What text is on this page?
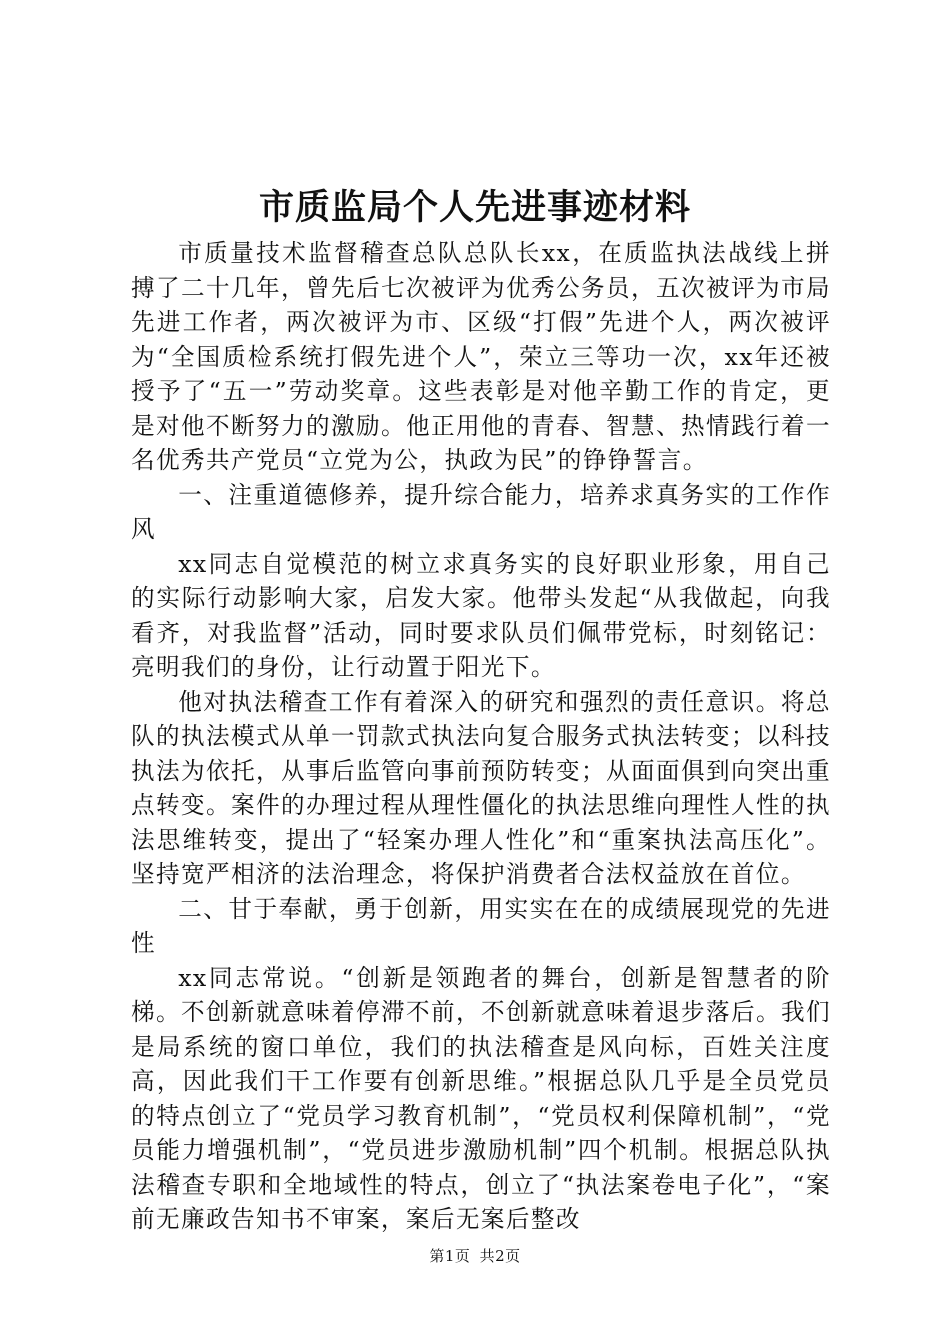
市质监局个人先进事迹材料

市质量技术监督稽查总队总队长xx，在质监执法战线上拼搏了二十几年，曾先后七次被评为优秀公务员，五次被评为市局先进工作者，两次被评为市、区级“打假”先进个人，两次被评为“全国质检系统打假先进个人”，荣立三等功一次，xx年还被授予了“五一”劳动奖章。这些表彰是对他辛勤工作的肯定，更是对他不断努力的激励。他正用他的青春、智慧、热情践行着一名优秀共产党员“立党为公，执政为民”的铮铮誓言。

一、注重道德修养，提升综合能力，培养求真务实的工作作风

xx同志自觉模范的树立求真务实的良好职业形象，用自己的实际行动影响大家，启发大家。他带头发起“从我做起，向我看齐，对我监督”活动，同时要求队员们佩带党标，时刻铭记：亮明我们的身份，让行动置于阳光下。

他对执法稽查工作有着深入的研究和强烈的责任意识。将总队的执法模式从单一罚款式执法向复合服务式执法转变；以科技执法为依托，从事后监管向事前预防转变；从面面俱到向突出重点转变。案件的办理过程从理性僵化的执法思维向理性人性的执法思维转变，提出了“轻案办理人性化”和“重案执法高压化”。坚持宽严相济的法治理念，将保护消费者合法权益放在首位。

二、甘于奉献，勇于创新，用实实在在的成绩展现党的先进性

xx同志常说。“创新是领跑者的舞台，创新是智慧者的阶梯。不创新就意味着停滞不前，不创新就意味着退步落后。我们是局系统的窗口单位，我们的执法稽查是风向标，百姓关注度高，因此我们干工作要有创新思维。”根据总队几乎是全员党员的特点创立了“党员学习教育机制”，“党员权利保障机制”，“党员能力增强机制”，“党员进步激励机制”四个机制。根据总队执法稽查专职和全地域性的特点，创立了“执法案卷电子化”，“案前无廉政告知书不审案，案后无案后整改

第1页 共2页
